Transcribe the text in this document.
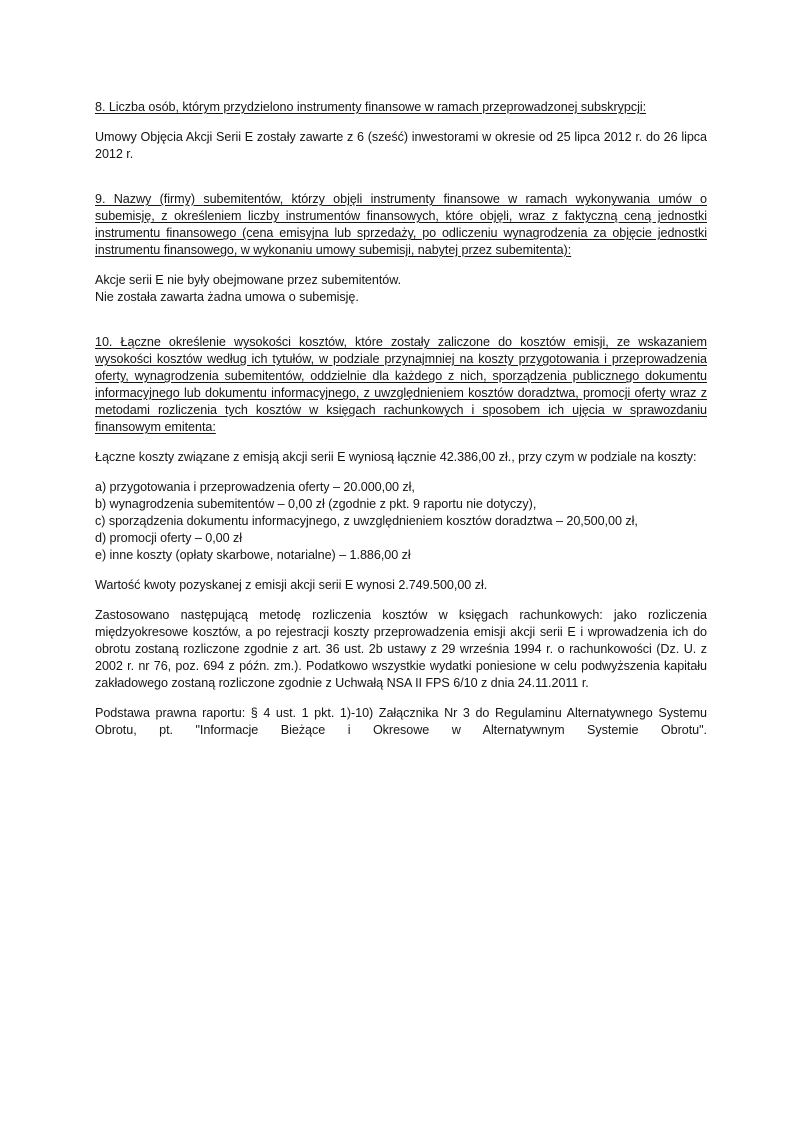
8. Liczba osób, którym przydzielono instrumenty finansowe w ramach przeprowadzonej subskrypcji:

Umowy Objęcia Akcji Serii E zostały zawarte z 6 (sześć) inwestorami w okresie od 25 lipca 2012 r. do 26 lipca 2012 r.

9. Nazwy (firmy) subemitentów, którzy objęli instrumenty finansowe w ramach wykonywania umów o subemisję, z określeniem liczby instrumentów finansowych, które objęli, wraz z faktyczną ceną jednostki instrumentu finansowego (cena emisyjna lub sprzedaży, po odliczeniu wynagrodzenia za objęcie jednostki instrumentu finansowego, w wykonaniu umowy subemisji, nabytej przez subemitenta):

Akcje serii E nie były obejmowane przez subemitentów.
Nie została zawarta żadna umowa o subemisję.

10. Łączne określenie wysokości kosztów, które zostały zaliczone do kosztów emisji, ze wskazaniem wysokości kosztów według ich tytułów, w podziale przynajmniej na koszty przygotowania i przeprowadzenia oferty, wynagrodzenia subemitentów, oddzielnie dla każdego z nich, sporządzenia publicznego dokumentu informacyjnego lub dokumentu informacyjnego, z uwzględnieniem kosztów doradztwa, promocji oferty wraz z metodami rozliczenia tych kosztów w księgach rachunkowych i sposobem ich ujęcia w sprawozdaniu finansowym emitenta:

Łączne koszty związane z emisją akcji serii E wyniosą łącznie 42.386,00 zł., przy czym w podziale na koszty:

a) przygotowania i przeprowadzenia oferty – 20.000,00 zł,
b) wynagrodzenia subemitentów – 0,00 zł (zgodnie z pkt. 9 raportu nie dotyczy),
c) sporządzenia dokumentu informacyjnego, z uwzględnieniem kosztów doradztwa – 20,500,00 zł,
d) promocji oferty – 0,00 zł
e) inne koszty (opłaty skarbowe, notarialne) – 1.886,00 zł

Wartość kwoty pozyskanej z emisji akcji serii E wynosi 2.749.500,00 zł.

Zastosowano następującą metodę rozliczenia kosztów w księgach rachunkowych: jako rozliczenia międzyokresowe kosztów, a po rejestracji koszty przeprowadzenia emisji akcji serii E i wprowadzenia ich do obrotu zostaną rozliczone zgodnie z art. 36 ust. 2b ustawy z 29 września 1994 r. o rachunkowości (Dz. U. z 2002 r. nr 76, poz. 694 z późn. zm.). Podatkowo wszystkie wydatki poniesione w celu podwyższenia kapitału zakładowego zostaną rozliczone zgodnie z Uchwałą NSA II FPS 6/10 z dnia 24.11.2011 r.

Podstawa prawna raportu: § 4 ust. 1 pkt. 1)-10) Załącznika Nr 3 do Regulaminu Alternatywnego Systemu Obrotu, pt. "Informacje Bieżące i Okresowe w Alternatywnym Systemie Obrotu".
